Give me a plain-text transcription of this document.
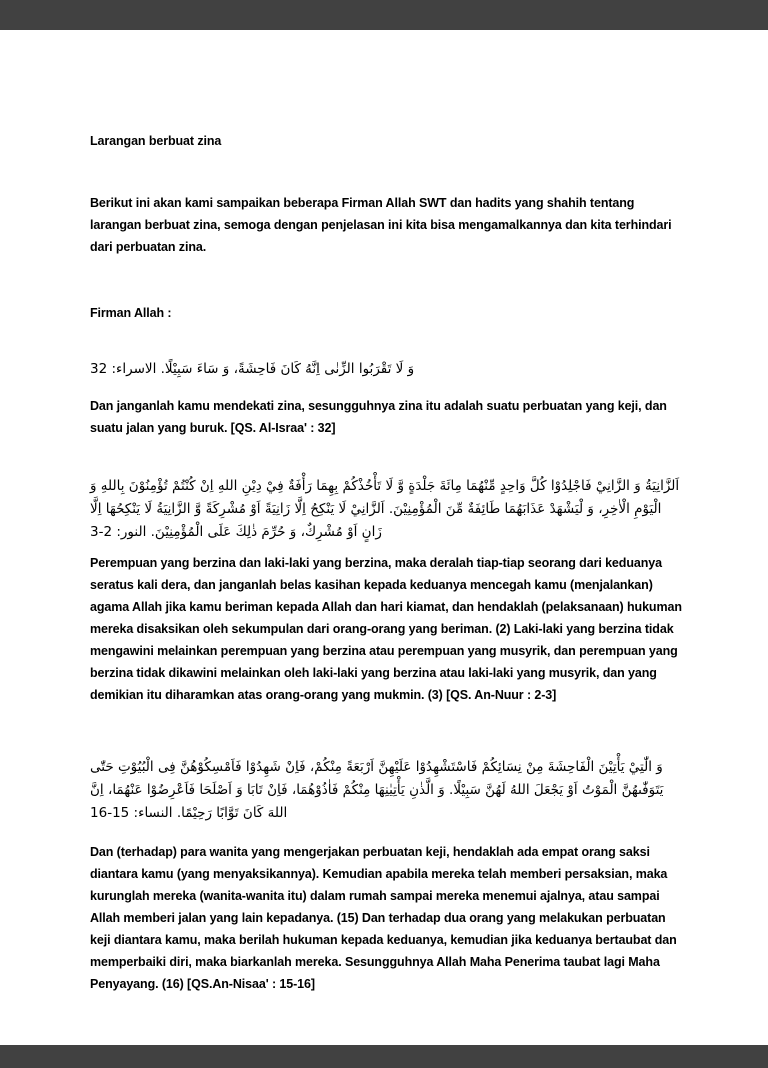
Larangan berbuat zina

Berikut ini akan kami sampaikan beberapa Firman Allah SWT dan hadits yang shahih tentang larangan berbuat zina, semoga dengan penjelasan ini kita bisa mengamalkannya dan kita terhindari dari perbuatan zina.

Firman Allah :

وَ لَا تَقْرَبُوا الزِّنٰى اِنَّهُ كَانَ فَاحِشَةً، وَ سَاءَ سَبِيْلًا. الاسراء: 32

Dan janganlah kamu mendekati zina, sesungguhnya zina itu adalah suatu perbuatan yang keji, dan suatu jalan yang buruk. [QS. Al-Israa' : 32]

اَلزَّانِيَةُ وَ الزَّانِيْ فَاجْلِدُوْا كُلَّ وَاحِدٍ مِّنْهُمَا مِائَةَ جَلْدَةٍ وَّ لَا تَأْخُذْكُمْ بِهِمَا رَأْفَةٌ فِيْ دِيْنِ اللهِ اِنْ كُنْتُمْ تُؤْمِنُوْنَ بِاللهِ وَ الْيَوْمِ الْاٰخِرِ، وَ لْيَشْهَدْ عَذَابَهُمَا طَائِفَةٌ مِّنَ الْمُؤْمِنِيْنَ. اَلزَّانِيْ لَا يَنْكِحُ اِلَّا زَانِيَةً اَوْ مُشْرِكَةً وَّ الزَّانِيَةُ لَا يَنْكِحُهَا اِلَّا زَانٍ اَوْ مُشْرِكٌ، وَ حُرِّمَ ذٰلِكَ عَلَى الْمُؤْمِنِيْنَ. النور: 2-3

Perempuan yang berzina dan laki-laki yang berzina, maka deralah tiap-tiap seorang dari keduanya seratus kali dera, dan janganlah belas kasihan kepada keduanya mencegah kamu (menjalankan) agama Allah jika kamu beriman kepada Allah dan hari kiamat, dan hendaklah (pelaksanaan) hukuman mereka disaksikan oleh sekumpulan dari orang-orang yang beriman. (2) Laki-laki yang berzina tidak mengawini melainkan perempuan yang berzina atau perempuan yang musyrik, dan perempuan yang berzina tidak dikawini melainkan oleh laki-laki yang berzina atau laki-laki yang musyrik, dan yang demikian itu diharamkan atas orang-orang yang mukmin. (3) [QS. An-Nuur : 2-3]

وَ الّٰتِيْ يَأْتِيْنَ الْفَاحِشَةَ مِنْ نِسَائِكُمْ فَاسْتَشْهِدُوْا عَلَيْهِنَّ اَرْبَعَةً مِنْكُمْ، فَاِنْ شَهِدُوْا فَاَمْسِكُوْهُنَّ فِى الْبُيُوْتِ حَتّٰى يَتَوَفّٰىهُنَّ الْمَوْتُ اَوْ يَجْعَلَ اللهُ لَهُنَّ سَبِيْلًا. وَ الَّذٰنِ يَأْتِيٰنِهَا مِنْكُمْ فَاٰذُوْهُمَا، فَاِنْ تَابَا وَ اَصْلَحَا فَاَعْرِضُوْا عَنْهُمَا، اِنَّ اللهَ كَانَ تَوَّابًا رَحِيْمًا. النساء: 15-16

Dan (terhadap) para wanita yang mengerjakan perbuatan keji, hendaklah ada empat orang saksi diantara kamu (yang menyaksikannya). Kemudian apabila mereka telah memberi persaksian, maka kurunglah mereka (wanita-wanita itu) dalam rumah sampai mereka menemui ajalnya, atau sampai Allah memberi jalan yang lain kepadanya. (15) Dan terhadap dua orang yang melakukan perbuatan keji diantara kamu, maka berilah hukuman kepada keduanya, kemudian jika keduanya bertaubat dan memperbaiki diri, maka biarkanlah mereka. Sesungguhnya Allah Maha Penerima taubat lagi Maha Penyayang. (16) [QS.An-Nisaa' : 15-16]
